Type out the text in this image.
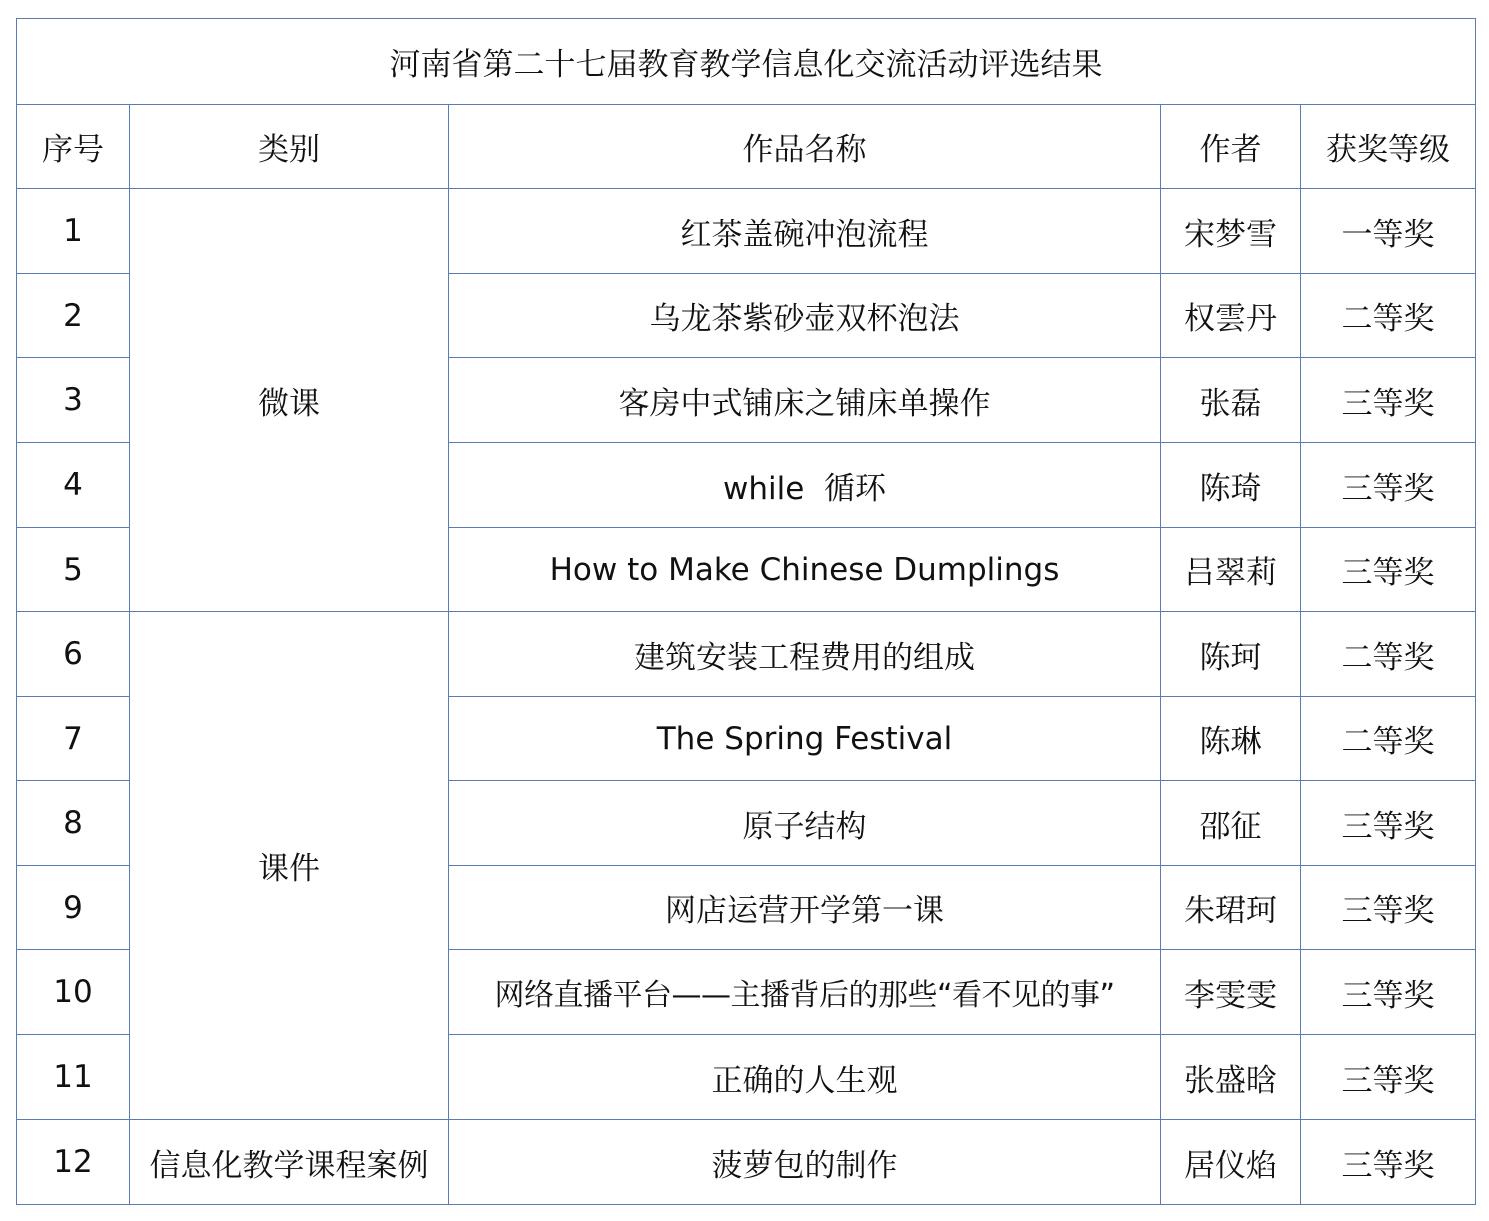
河南省第二十七届教育教学信息化交流活动评选结果				
序号	类别	作品名称	作者	获奖等级
1	微课	红茶盖碗冲泡流程	宋梦雪	一等奖
2		乌龙茶紫砂壶双杯泡法	权雲丹	二等奖
3		客房中式铺床之铺床单操作	张磊	三等奖
4		while  循环	陈琦	三等奖
5		How to Make Chinese Dumplings	吕翠莉	三等奖
6	课件	建筑安装工程费用的组成	陈珂	二等奖
7		The Spring Festival	陈琳	二等奖
8		原子结构	邵征	三等奖
9		网店运营开学第一课	朱珺珂	三等奖
10		网络直播平台——主播背后的那些“看不见的事”	李雯雯	三等奖
11		正确的人生观	张盛晗	三等奖
12	信息化教学课程案例	菠萝包的制作	居仪焰	三等奖
